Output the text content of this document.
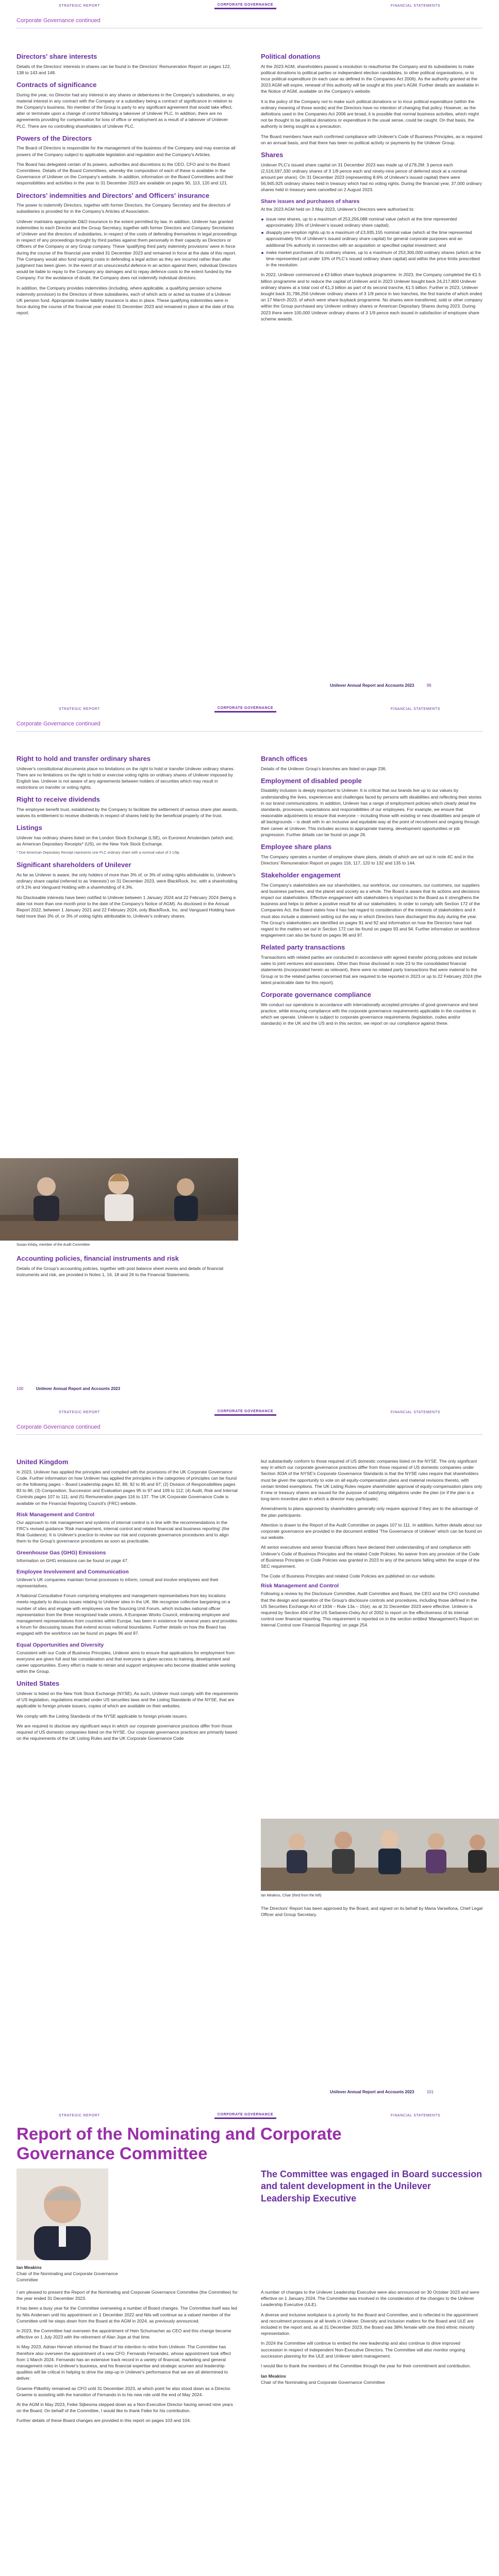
STRATEGIC REPORT	CORPORATE GOVERNANCE	FINANCIAL STATEMENTS
Corporate Governance continued
Directors' share interests

Details of the Directors' interests in shares can be found in the Directors' Remuneration Report on pages 122, 138 to 143 and 148.

Contracts of significance

During the year, no Director had any interest in any shares or debentures in the Company's subsidiaries, or any material interest in any contract with the Company or a subsidiary being a contract of significance in relation to the Company's business. No member of the Group is party to any significant agreement that would take effect, alter or terminate upon a change of control following a takeover of Unilever PLC. In addition, there are no agreements providing for compensation for loss of office or employment as a result of a takeover of Unilever PLC. There are no controlling shareholders of Unilever PLC.

Powers of the Directors

The Board of Directors is responsible for the management of the business of the Company and may exercise all powers of the Company subject to applicable legislation and regulation and the Company's Articles.

The Board has delegated certain of its powers, authorities and discretions to the CEO, CFO and to the Board Committees. Details of the Board Committees, whereby the composition of each of these is available in the Governance of Unilever on the Company's website. In addition, information on the Board Committees and their responsibilities and activities in the year to 31 December 2023 are available on pages 90, 113, 120 and 121.

Directors' indemnities and Directors' and Officers' insurance

The power to indemnify Directors, together with former Directors, the Company Secretary and the directors of subsidiaries is provided for in the Company's Articles of Association.

Unilever maintains appropriate D&O insurance to the extent permitted by law. In addition, Unilever has granted indemnities to each Director and the Group Secretary, together with former Directors and Company Secretaries of Unilever and the directors of subsidiaries, in respect of the costs of defending themselves in legal proceedings in respect of any proceedings brought by third parties against them personally in their capacity as Directors or Officers of the Company or any Group company. These 'qualifying third party indemnity provisions' were in force during the course of the financial year ended 31 December 2023 and remained in force at the date of this report. The Company would also fund ongoing costs in defending a legal action as they are incurred rather than after judgment has been given. In the event of an unsuccessful defence in an action against them, individual Directors would be liable to repay to the Company any damages and to repay defence costs to the extent funded by the Company. For the avoidance of doubt, the Company does not indemnify individual directors.

In addition, the Company provides indemnities (including, where applicable, a qualifying pension scheme indemnity provision) to the Directors of three subsidiaries, each of which acts or acted as trustee of a Unilever UK pension fund. Appropriate trustee liability insurance is also in place. These qualifying indemnities were in force during the course of the financial year ended 31 December 2023 and remained in place at the date of this report.

Political donations

At the 2023 AGM, shareholders passed a resolution to reauthorise the Company and its subsidiaries to make political donations to political parties or independent election candidates, to other political organisations, or to incur political expenditure (in each case as defined in the Companies Act 2006). As the authority granted at the 2023 AGM will expire, renewal of this authority will be sought at this year's AGM. Further details are available in the Notice of AGM, available on the Company's website.

It is the policy of the Company not to make such political donations or to incur political expenditure (within the ordinary meaning of those words) and the Directors have no intention of changing that policy. However, as the definitions used in the Companies Act 2006 are broad, it is possible that normal business activities, which might not be thought to be political donations or expenditure in the usual sense, could be caught. On that basis, the authority is being sought as a precaution.

The Board members have each confirmed compliance with Unilever's Code of Business Principles, as is required on an annual basis, and that there has been no political activity or payments by the Unilever Group.

Shares

Unilever PLC's issued share capital on 31 December 2023 was made up of £78,2M: 3 pence each (2,516,597,330 ordinary shares of 3 1/9 pence each and ninety-nine pence of deferred stock at a nominal amount per share). On 31 December 2023 (representing 8.6% of Unilever's issued capital) there were 56,945,925 ordinary shares held in treasury which had no voting rights. During the financial year, 37,000 ordinary shares held in treasury were cancelled on 2 August 2023.

Share issues and purchases of shares

At the 2023 AGM held on 3 May 2023, Unilever's Directors were authorised to:

issue new shares, up to a maximum of 253,256,088 nominal value (which at the time represented approximately 33% of Unilever's issued ordinary share capital);
disapply pre-emption rights up to a maximum of £3,935,155 nominal value (which at the time represented approximately 5% of Unilever's issued ordinary share capital) for general corporate purposes and an additional 5% authority in connection with an acquisition or specified capital investment; and
make market purchases of its ordinary shares, up to a maximum of 253,300,000 ordinary shares (which at the time represented just under 10% of PLC's issued ordinary share capital) and within the price limits prescribed in the resolution.

In 2022, Unilever commenced a €3 billion share buyback programme. In 2023, the Company completed the €1.5 billion programme and to reduce the capital of Unilever and in 2023 Unilever bought back 24,217,800 Unilever ordinary shares at a total cost of €1,3 billion as part of its second tranche, €1.5 billion. Further in 2023, Unilever bought back 31,796,256 Unilever ordinary shares of 3 1/9 pence in two tranches, the first tranche of which ended on 17 March 2023, of which were share buyback programme. No shares were transferred, sold or other company within the Group purchased any Unilever ordinary shares or American Depositary Shares during 2023. During 2023 there were 100,000 Unilever ordinary shares of 3 1/9 pence each issued in satisfaction of employee share scheme awards.

Unilever Annual Report and Accounts 2023	99
STRATEGIC REPORT	CORPORATE GOVERNANCE	FINANCIAL STATEMENTS
Corporate Governance continued
Right to hold and transfer ordinary shares

Unilever's constitutional documents place no limitations on the right to hold or transfer Unilever ordinary shares. There are no limitations on the right to hold or exercise voting rights on ordinary shares of Unilever imposed by English law. Unilever is not aware of any agreements between holders of securities which may result in restrictions on transfer or voting rights.

Right to receive dividends

The employee benefit trust, established by the Company to facilitate the settlement of various share plan awards, waives its entitlement to receive dividends in respect of shares held by the beneficial property of the trust.

Listings

Unilever has ordinary shares listed on the London Stock Exchange (LSE), on Euronext Amsterdam (which and, as American Depositary Receipts* (US), on the New York Stock Exchange.

* One American Depositary Receipt represents one PLC ordinary share with a nominal value of 3 1/9p.

Significant shareholders of Unilever

As far as Unilever is aware, the only holders of more than 3% of, or 3% of voting rights attributable to, Unilever's ordinary share capital (referred to as 'interests') on 31 December 2023, were BlackRock, Inc. with a shareholding of 9.1% and Vanguard Holding with a shareholding of 4.3%.

No Disclosable interests have been notified to Unilever between 1 January 2024 and 22 February 2024 (being a date not more than one month prior to the date of the Company's Notice of AGM). As disclosed in the Annual Report 2022, between 1 January 2021 and 22 February 2024, only BlackRock, Inc. and Vanguard Holding have held more than 3% of, or 3% of voting rights attributable to, Unilever's ordinary shares.

Susan Kilsby, member of the Audit Committee
Accounting policies, financial instruments and risk

Details of the Group's accounting policies, together with post balance sheet events and details of financial instruments and risk, are provided in Notes 1, 16, 18 and 26 to the Financial Statements.

Branch offices

Details of the Unilever Group's branches are listed on page 236.

Employment of disabled people

Disability inclusion is deeply important to Unilever. It is critical that our brands live up to our values by understanding the lives, experiences and challenges faced by persons with disabilities and reflecting their stories in our brand communications. In addition, Unilever has a range of employment policies which clearly detail the standards, processes, expectations and responsibilities of our employees. For example, we ensure that reasonable adjustments to ensure that everyone – including those with existing or new disabilities and people of all backgrounds – is dealt with in an inclusive and equitable way at the point of recruitment and ongoing through their career at Unilever. This includes access to appropriate training, development opportunities or job progression. Further details can be found on page 26.

Employee share plans

The Company operates a number of employee share plans, details of which are set out in note 4C and in the Directors' Remuneration Report on pages 116, 117, 120 to 132 and 135 to 144.

Stakeholder engagement

The Company's stakeholders are our shareholders, our workforce, our consumers, our customers, our suppliers and business partners, and the planet and society as a whole. The Board is aware that its actions and decisions impact our stakeholders. Effective engagement with stakeholders is important to the Board as it strengthens the business and helps to deliver a positive result for all our stakeholders. In order to comply with Section 172 of the Companies Act, the Board states how it has had regard to consideration of the interests of stakeholders and it must also include a statement setting out the way in which Directors have discharged this duty during the year. The Group's stakeholders are identified on pages 91 and 92 and information on how the Directors have had regard to the matters set out in Section 172 can be found on pages 93 and 94. Further information on workforce engagement can also be found on pages 96 and 97.

Related party transactions

Transactions with related parties are conducted in accordance with agreed transfer pricing policies and include sales to joint ventures and associates. Other than those disclosed in note 23 to the consolidated financial statements (incorporated herein as relevant), there were no related party transactions that were material to the Group or to the related parties concerned that are required to be reported in 2023 or up to 22 February 2024 (the latest practicable date for this report).

Corporate governance compliance

We conduct our operations in accordance with internationally accepted principles of good governance and best practice, while ensuring compliance with the corporate governance requirements applicable in the countries in which we operate. Unilever is subject to corporate governance requirements (legislation, codes and/or standards) in the UK and the US and in this section, we report on our compliance against these.

100	Unilever Annual Report and Accounts 2023
STRATEGIC REPORT	CORPORATE GOVERNANCE	FINANCIAL STATEMENTS
Corporate Governance continued
United Kingdom

In 2023, Unilever has applied the principles and complied with the provisions of the UK Corporate Governance Code. Further information on how Unilever has applied the principles in the categories of principles can be found on the following pages – Board Leadership pages 82, 89, 92 to 95 and 97; (2) Division of Responsibilities pages 83 to 86; (3) Composition, Succession and Evaluation pages 95 to 97 and 109 to 112; (4) Audit, Risk and Internal Controls pages 107 to 111; and (5) Remuneration pages 116 to 137. The UK Corporate Governance Code is available on the Financial Reporting Council's (FRC) website.

Risk Management and Control

Our approach to risk management and systems of internal control is in line with the recommendations in the FRC's revised guidance 'Risk management, internal control and related financial and business reporting' (the Risk Guidance). It is Unilever's practice to review our risk and corporate governance procedures and to align them to the Group's governance procedures as soon as practicable.

Greenhouse Gas (GHG) Emissions

Information on GHG emissions can be found on page 47.

Employee Involvement and Communication

Unilever's UK companies maintain formal processes to inform, consult and involve employees and their representatives.

A National Consultative Forum comprising employees and management representatives from key locations meets regularly to discuss issues relating to Unilever sites in the UK. We recognise collective bargaining on a number of sites and engage with employees via the Sourcing Unit Forum, which includes national officer representation from the three recognised trade unions. A European Works Council, embracing employee and management representatives from countries within Europe, has been in existence for several years and provides a forum for discussing issues that extend across national boundaries. Further details on how the Board has engaged with the workforce can be found on pages 96 and 97.

Equal Opportunities and Diversity

Consistent with our Code of Business Principles, Unilever aims to ensure that applications for employment from everyone are given full and fair consideration and that everyone is given access to training, development and career opportunities. Every effort is made to retrain and support employees who become disabled while working within the Group.

United States

Unilever is listed on the New York Stock Exchange (NYSE). As such, Unilever must comply with the requirements of US legislation, regulations enacted under US securities laws and the Listing Standards of the NYSE, that are applicable to foreign private issuers, copies of which are available on their websites.

We comply with the Listing Standards of the NYSE applicable to foreign private issuers.

We are required to disclose any significant ways in which our corporate governance practices differ from those required of US domestic companies listed on the NYSE. Our corporate governance practices are primarily based on the requirements of the UK Listing Rules and the UK Corporate Governance Code

but substantially conform to those required of US domestic companies listed on the NYSE. The only significant way in which our corporate governance practices differ from those required of US domestic companies under Section 303A of the NYSE's Corporate Governance Standards is that the NYSE rules require that shareholders must be given the opportunity to vote on all equity-compensation plans and material revisions thereto, with certain limited exemptions. The UK Listing Rules require shareholder approval of equity-compensation plans only if new or treasury shares are issued for the purpose of satisfying obligations under the plan (or if the plan is a long-term incentive plan in which a director may participate).

Amendments to plans approved by shareholders generally only require approval if they are to the advantage of the plan participants.

Attention is drawn to the Report of the Audit Committee on pages 107 to 111. In addition, further details about our corporate governance are provided in the document entitled 'The Governance of Unilever' which can be found on our website.

All senior executives and senior financial officers have declared their understanding of and compliance with Unilever's Code of Business Principles and the related Code Policies. No waiver from any provision of the Code of Business Principles or Code Policies was granted in 2023 to any of the persons falling within the scope of the SEC requirement.

The Code of Business Principles and related Code Policies are published on our website.

Risk Management and Control

Following a review by the Disclosure Committee, Audit Committee and Board, the CEO and the CFO concluded that the design and operation of the Group's disclosure controls and procedures, including those defined in the US Securities Exchange Act of 1934 – Rule 13a – 15(e), as at 31 December 2023 were effective. Unilever is required by Section 404 of the US Sarbanes-Oxley Act of 2002 to report on the effectiveness of its internal control over financial reporting. This requirement is reported on in the section entitled 'Management's Report on Internal Control over Financial Reporting' on page 254.

Ian Meakins, Chair (third from the left)

The Directors' Report has been approved by the Board, and signed on its behalf by Maria Varsellona, Chief Legal Officer and Group Secretary.

Unilever Annual Report and Accounts 2023	101
STRATEGIC REPORT	CORPORATE GOVERNANCE	FINANCIAL STATEMENTS
Report of the Nominating and Corporate Governance Committee

Ian Meakins

Chair of the Nominating and Corporate Governance Committee

The Committee was engaged in Board succession and talent development in the Unilever Leadership Executive

I am pleased to present the Report of the Nominating and Corporate Governance Committee (the Committee) for the year ended 31 December 2023.

It has been a busy year for the Committee overseeing a number of Board changes. The Committee itself was led by Nils Andersen until his appointment on 1 December 2022 and Nils will continue as a valued member of the Committee until he steps down from the Board at the AGM in 2024, as previously announced.

In 2023, the Committee had overseen the appointment of Hein Schumacher as CEO and this change became effective on 1 July 2023 with the retirement of Alan Jope at that time.

In May 2023, Adrian Hennah informed the Board of his intention to retire from Unilever. The Committee has therefore also overseen the appointment of a new CFO, Fernando Fernandez, whose appointment took effect from 1 March 2024. Fernando has an extensive track record in a variety of financial, marketing and general management roles in Unilever's business, and his financial expertise and strategic acumen and leadership qualities will be critical in helping to drive the step-up in Unilever's performance that we are all determined to deliver.

Graeme Pitkethly remained as CFO until 31 December 2023, at which point he also stood down as a Director. Graeme is assisting with the transition of Fernando in to his new role until the end of May 2024.

At the AGM in May 2023, Feike Sijbesma stepped down as a Non-Executive Director having served nine years on the Board. On behalf of the Committee, I would like to thank Feike for his contribution.

Further details of these Board changes are provided in this report on pages 103 and 104.

A number of changes to the Unilever Leadership Executive were also announced on 30 October 2023 and were effective on 1 January 2024. The Committee was involved in the consideration of the changes to the Unilever Leadership Executive (ULE).

A diverse and inclusive workplace is a priority for the Board and Committee, and is reflected in the appointment and recruitment processes at all levels in Unilever. Diversity and inclusion matters for the Board and ULE are included in the report and, as at 31 December 2023, the Board was 38% female with one third ethnic minority representation.

In 2024 the Committee will continue to embed the new leadership and also continue to drive improved succession in respect of independent Non-Executive Directors. The Committee will also monitor ongoing succession planning for the ULE and Unilever talent management.

I would like to thank the members of the Committee through the year for their commitment and contribution.

Ian Meakins

Chair of the Nominating and Corporate Governance Committee
